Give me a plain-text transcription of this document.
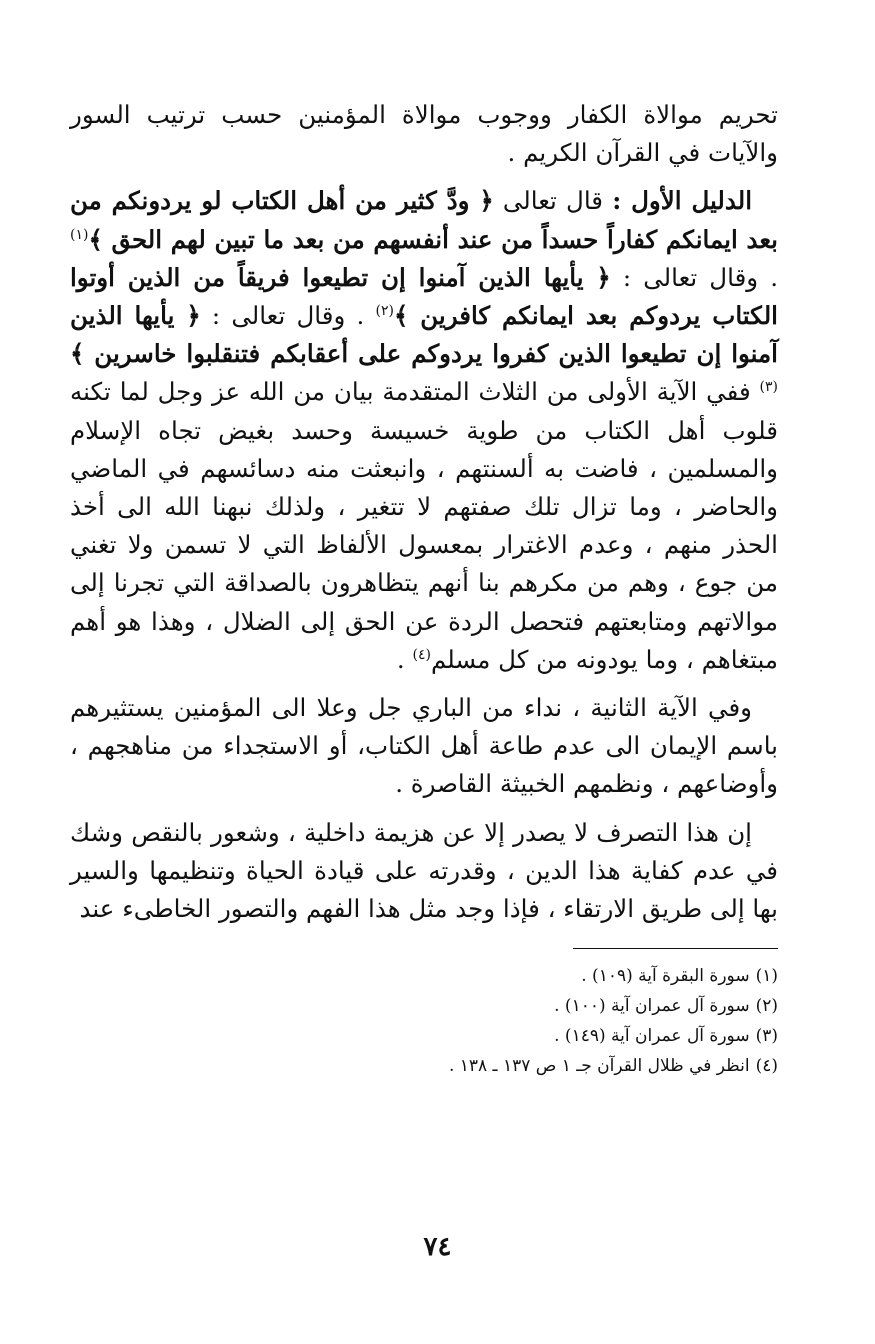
تحريم موالاة الكفار ووجوب موالاة المؤمنين حسب ترتيب السور والآيات في القرآن الكريم .

الدليل الأول : قال تعالى ﴿ ودَّ كثير من أهل الكتاب لو يردونكم من بعد ايمانكم كفاراً حسداً من عند أنفسهم من بعد ما تبين لهم الحق ﴾$^{(١)}$ . وقال تعالى : ﴿ يأيها الذين آمنوا إن تطيعوا فريقاً من الذين أوتوا الكتاب يردوكم بعد ايمانكم كافرين ﴾$^{(٢)}$ . وقال تعالى : ﴿ يأيها الذين آمنوا إن تطيعوا الذين كفروا يردوكم على أعقابكم فتنقلبوا خاسرين ﴾$^{(٣)}$ ففي الآية الأولى من الثلاث المتقدمة بيان من الله عز وجل لما تكنه قلوب أهل الكتاب من طوية خسيسة وحسد بغيض تجاه الإسلام والمسلمين ، فاضت به ألسنتهم ، وانبعثت منه دسائسهم في الماضي والحاضر ، وما تزال تلك صفتهم لا تتغير ، ولذلك نبهنا الله الى أخذ الحذر منهم ، وعدم الاغترار بمعسول الألفاظ التي لا تسمن ولا تغني من جوع ، وهم من مكرهم بنا أنهم يتظاهرون بالصداقة التي تجرنا إلى موالاتهم ومتابعتهم فتحصل الردة عن الحق إلى الضلال ، وهذا هو أهم مبتغاهم ، وما يودونه من كل مسلم$^{(٤)}$ .

وفي الآية الثانية ، نداء من الباري جل وعلا الى المؤمنين يستثيرهم باسم الإيمان الى عدم طاعة أهل الكتاب، أو الاستجداء من مناهجهم ، وأوضاعهم ، ونظمهم الخبيثة القاصرة .

إن هذا التصرف لا يصدر إلا عن هزيمة داخلية ، وشعور بالنقص وشك في عدم كفاية هذا الدين ، وقدرته على قيادة الحياة وتنظيمها والسير بها إلى طريق الارتقاء ، فإذا وجد مثل هذا الفهم والتصور الخاطىء عند

(١)سورة البقرة آية (١٠٩) .
(٢)سورة آل عمران آية (١٠٠) .
(٣)سورة آل عمران آية (١٤٩) .
(٤)انظر في ظلال القرآن جـ ١ ص ١٣٧ ـ ١٣٨ .
٧٤
